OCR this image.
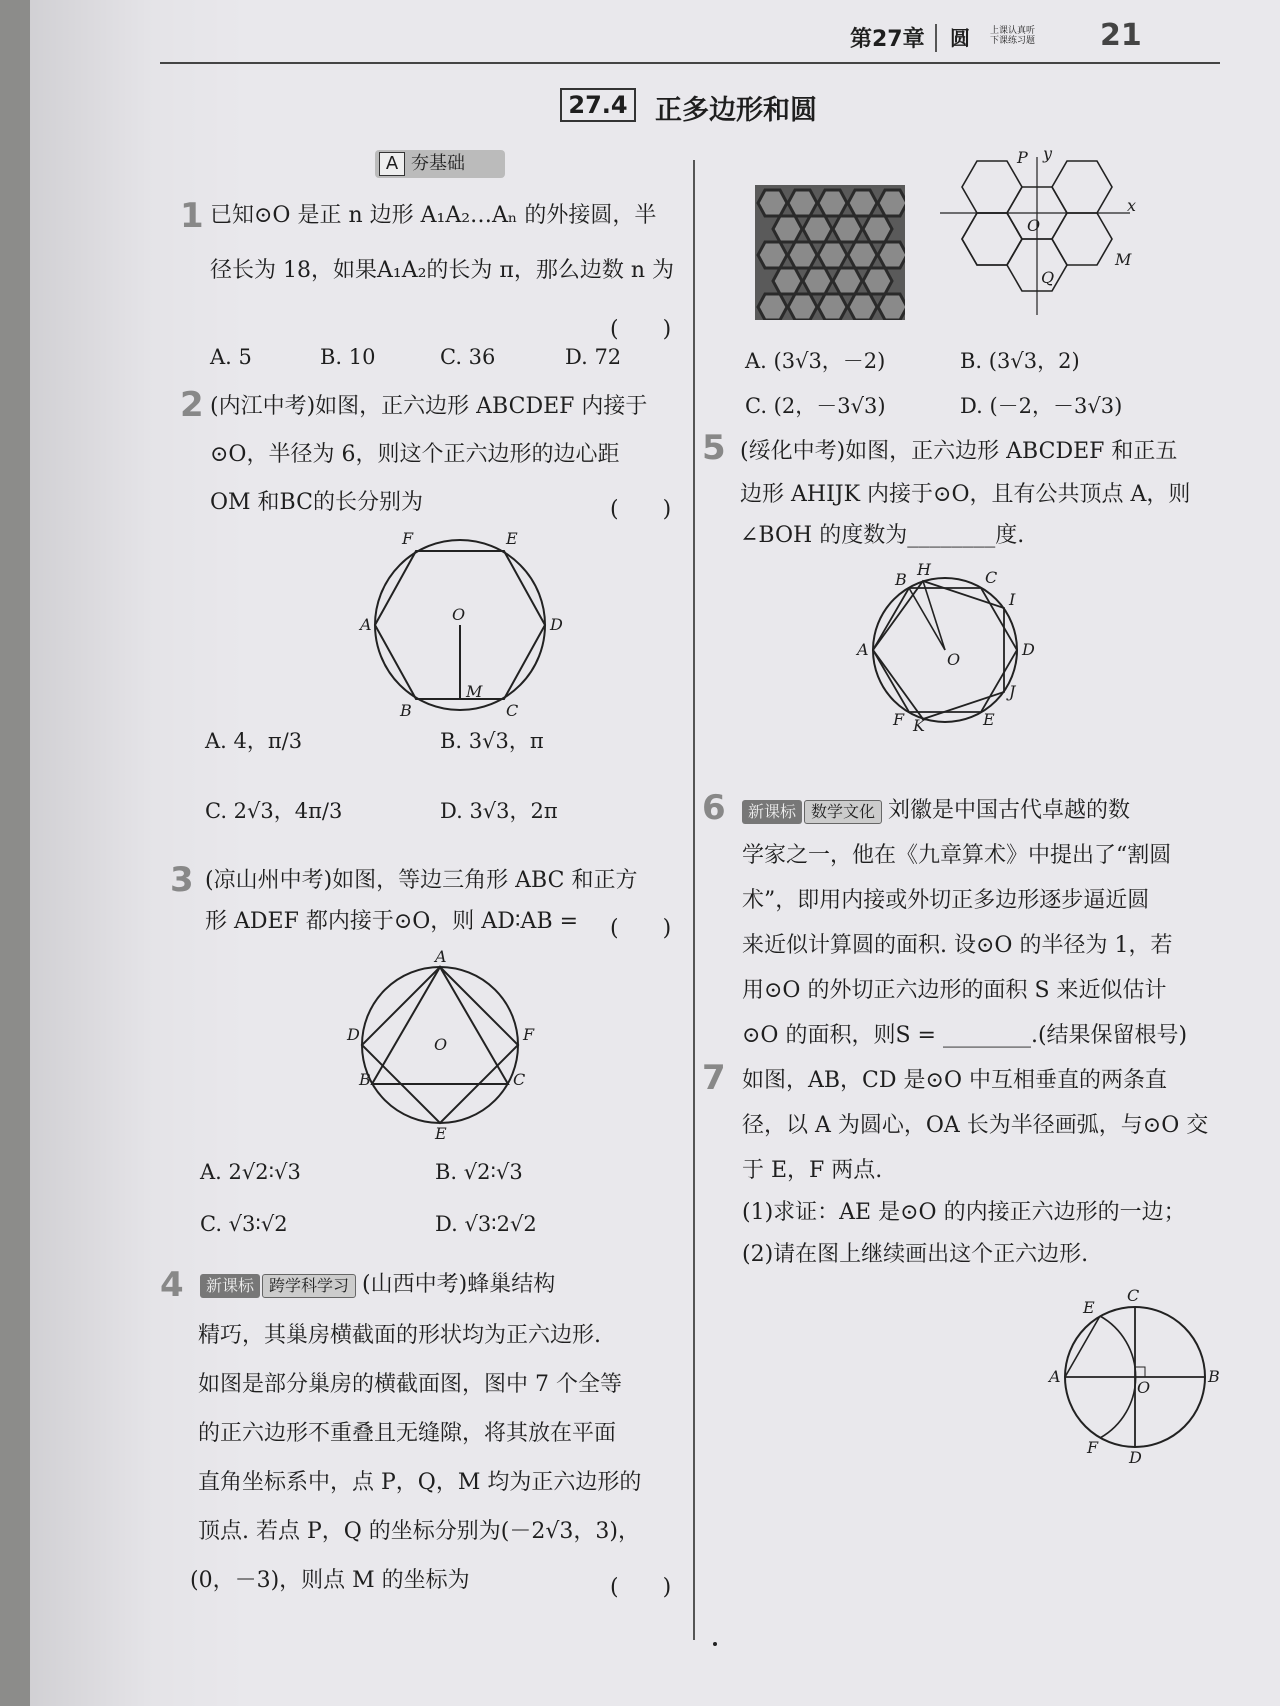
第27章 圆 上课认真听
下课练习题	21
27.4	正多边形和圆
A 夯基础
1 已知⊙O 是正 n 边形 A₁A₂…Aₙ 的外接圆，半
径长为 18，如果A₁A₂的长为 π，那么边数 n 为
(　　)
A. 5	B. 10	C. 36	D. 72
2 (内江中考)如图，正六边形 ABCDEF 内接于
⊙O，半径为 6，则这个正六边形的边心距
OM 和BC的长分别为	(　　)
F	E
A
O
D
M
B	C
A. 4，π/3	B. 3√3，π
C. 2√3，4π/3	D. 3√3，2π
3 (凉山州中考)如图，等边三角形 ABC 和正方
形 ADEF 都内接于⊙O，则 AD∶AB = (　　)
A
D	F
B	C
E
O
A. 2√2∶√3	B. √2∶√3
C. √3∶√2	D. √3∶2√2
4	新课标 跨学科学习 (山西中考)蜂巢结构
精巧，其巢房横截面的形状均为正六边形.
如图是部分巢房的横截面图，图中 7 个全等
的正六边形不重叠且无缝隙，将其放在平面
直角坐标系中，点 P，Q，M 均为正六边形的
顶点. 若点 P，Q 的坐标分别为(－2√3，3)，
(0，－3)，则点 M 的坐标为	(　　)
P y
x
O
M
Q
A. (3√3，－2)	B. (3√3，2)
C. (2，－3√3)	D. (－2，－3√3)
5 (绥化中考)如图，正六边形 ABCDEF 和正五
边形 AHIJK 内接于⊙O，且有公共顶点 A，则
∠BOH 的度数为________度.
B
H	C
I
A
O
D
J
F K	E
6	新课标 数学文化 刘徽是中国古代卓越的数
学家之一，他在《九章算术》中提出了“割圆
术”，即用内接或外切正多边形逐步逼近圆
来近似计算圆的面积. 设⊙O 的半径为 1，若
用⊙O 的外切正六边形的面积 S 来近似估计
⊙O 的面积，则S = ________.(结果保留根号)
7 如图，AB，CD 是⊙O 中互相垂直的两条直
径，以 A 为圆心，OA 长为半径画弧，与⊙O 交
于 E，F 两点.
(1)求证：AE 是⊙O 的内接正六边形的一边；
(2)请在图上继续画出这个正六边形.
E
C
A
O
B
F
D
